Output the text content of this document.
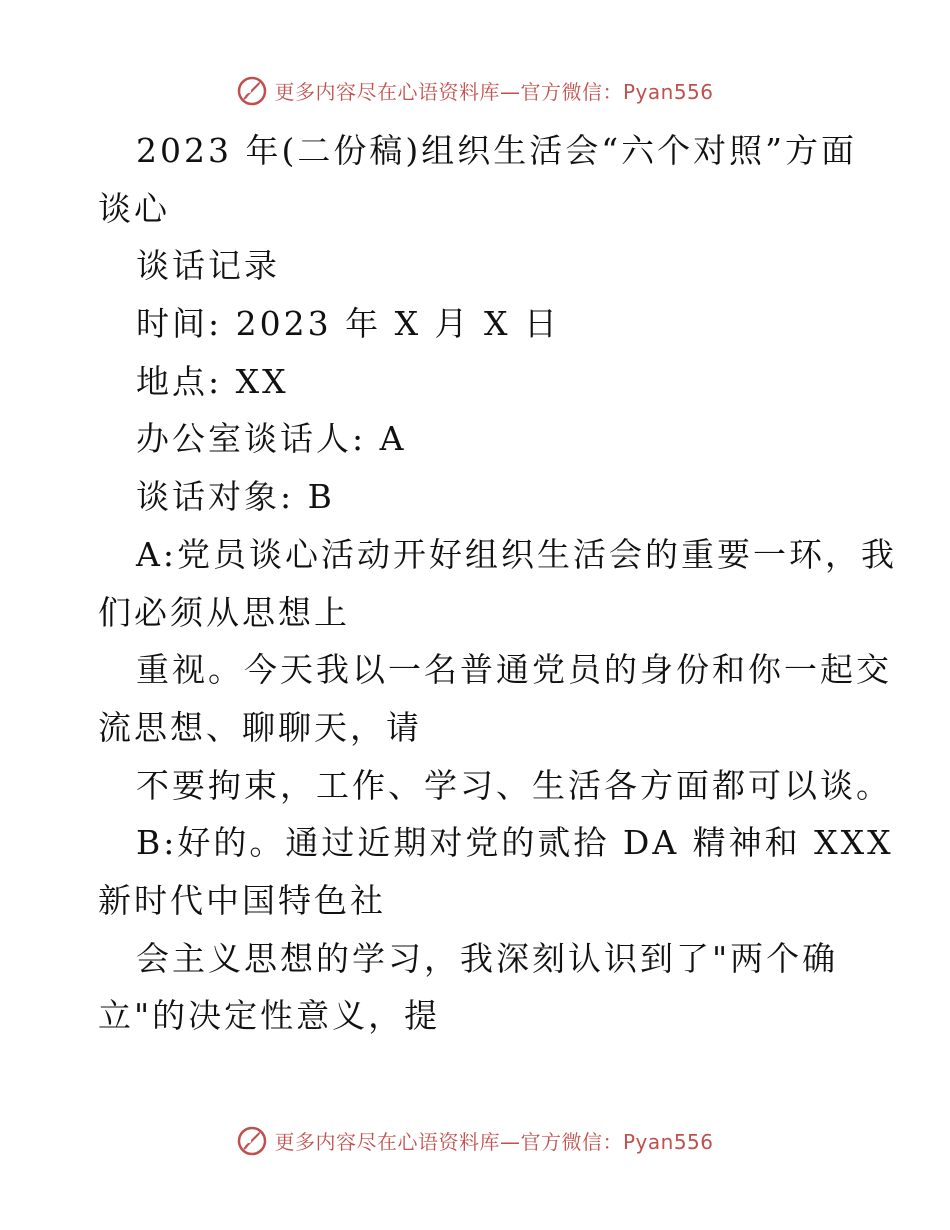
更多内容尽在心语资料库—官方微信：Pyan556
2023 年(二份稿)组织生活会“六个对照”方面
谈心
谈话记录
时间: 2023 年 X 月 X 日
地点: XX
办公室谈话人: A
谈话对象: B
A:党员谈心活动开好组织生活会的重要一环，我
们必须从思想上
重视。今天我以一名普通党员的身份和你一起交
流思想、聊聊天，请
不要拘束，工作、学习、生活各方面都可以谈。
B:好的。通过近期对党的贰拾 DA 精神和 XXX
新时代中国特色社
会主义思想的学习，我深刻认识到了"两个确
立"的决定性意义，提
更多内容尽在心语资料库—官方微信：Pyan556
